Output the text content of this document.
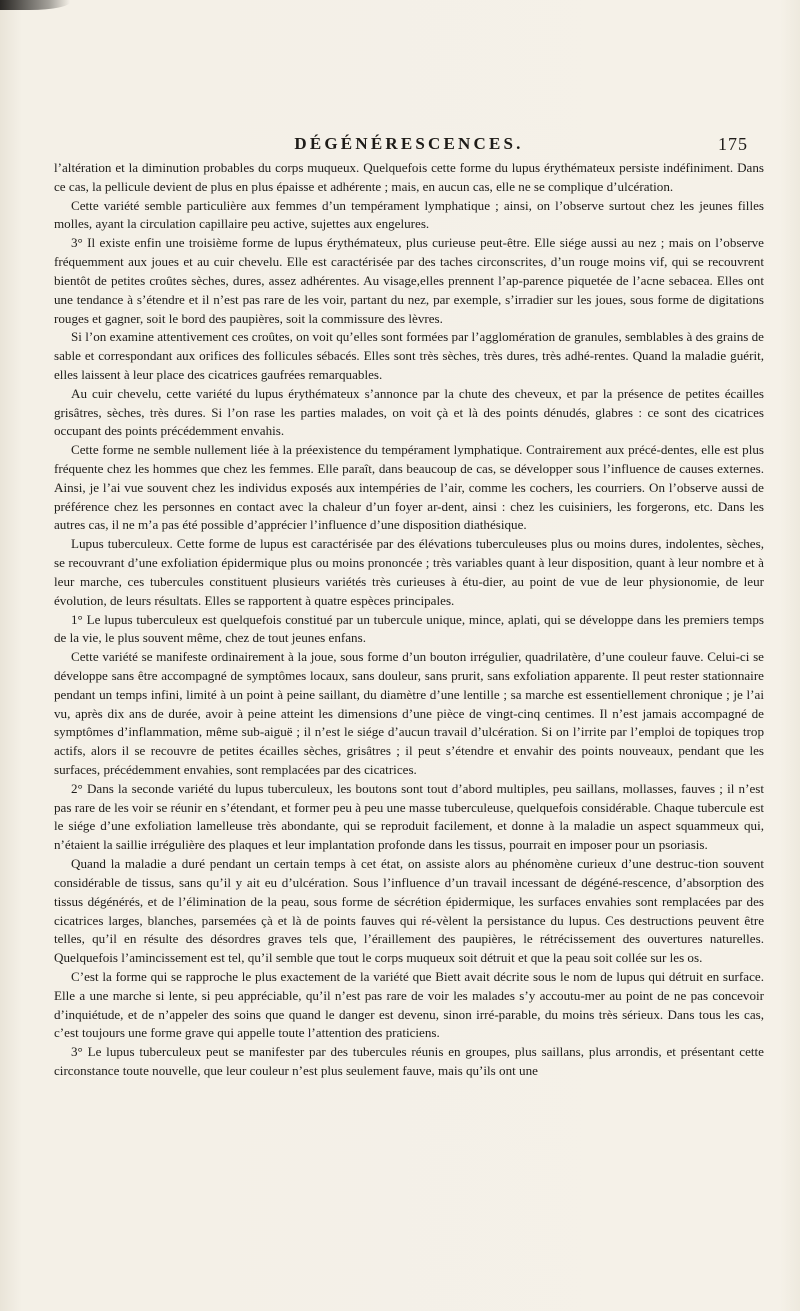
DÉGÉNÉRESCENCES.	175

l’altération et la diminution probables du corps muqueux. Quelquefois cette forme du lupus érythémateux persiste indéfiniment. Dans ce cas, la pellicule devient de plus en plus épaisse et adhérente ; mais, en aucun cas, elle ne se complique d’ulcération.

Cette variété semble particulière aux femmes d’un tempérament lymphatique ; ainsi, on l’observe surtout chez les jeunes filles molles, ayant la circulation capillaire peu active, sujettes aux engelures.

3° Il existe enfin une troisième forme de lupus érythémateux, plus curieuse peut-être. Elle siége aussi au nez ; mais on l’observe fréquemment aux joues et au cuir chevelu. Elle est caractérisée par des taches circonscrites, d’un rouge moins vif, qui se recouvrent bientôt de petites croûtes sèches, dures, assez adhérentes. Au visage,elles prennent l’ap-parence piquetée de l’acne sebacea. Elles ont une tendance à s’étendre et il n’est pas rare de les voir, partant du nez, par exemple, s’irradier sur les joues, sous forme de digitations rouges et gagner, soit le bord des paupières, soit la commissure des lèvres.

Si l’on examine attentivement ces croûtes, on voit qu’elles sont formées par l’agglomération de granules, semblables à des grains de sable et correspondant aux orifices des follicules sébacés. Elles sont très sèches, très dures, très adhé-rentes. Quand la maladie guérit, elles laissent à leur place des cicatrices gaufrées remarquables.

Au cuir chevelu, cette variété du lupus érythémateux s’annonce par la chute des cheveux, et par la présence de petites écailles grisâtres, sèches, très dures. Si l’on rase les parties malades, on voit çà et là des points dénudés, glabres : ce sont des cicatrices occupant des points précédemment envahis.

Cette forme ne semble nullement liée à la préexistence du tempérament lymphatique. Contrairement aux précé-dentes, elle est plus fréquente chez les hommes que chez les femmes. Elle paraît, dans beaucoup de cas, se développer sous l’influence de causes externes. Ainsi, je l’ai vue souvent chez les individus exposés aux intempéries de l’air, comme les cochers, les courriers. On l’observe aussi de préférence chez les personnes en contact avec la chaleur d’un foyer ar-dent, ainsi : chez les cuisiniers, les forgerons, etc. Dans les autres cas, il ne m’a pas été possible d’apprécier l’influence d’une disposition diathésique.

Lupus tuberculeux. Cette forme de lupus est caractérisée par des élévations tuberculeuses plus ou moins dures, indolentes, sèches, se recouvrant d’une exfoliation épidermique plus ou moins prononcée ; très variables quant à leur disposition, quant à leur nombre et à leur marche, ces tubercules constituent plusieurs variétés très curieuses à étu-dier, au point de vue de leur physionomie, de leur évolution, de leurs résultats. Elles se rapportent à quatre espèces principales.

1° Le lupus tuberculeux est quelquefois constitué par un tubercule unique, mince, aplati, qui se développe dans les premiers temps de la vie, le plus souvent même, chez de tout jeunes enfans.

Cette variété se manifeste ordinairement à la joue, sous forme d’un bouton irrégulier, quadrilatère, d’une couleur fauve. Celui-ci se développe sans être accompagné de symptômes locaux, sans douleur, sans prurit, sans exfoliation apparente. Il peut rester stationnaire pendant un temps infini, limité à un point à peine saillant, du diamètre d’une lentille ; sa marche est essentiellement chronique ; je l’ai vu, après dix ans de durée, avoir à peine atteint les dimensions d’une pièce de vingt-cinq centimes. Il n’est jamais accompagné de symptômes d’inflammation, même sub-aiguë ; il n’est le siége d’aucun travail d’ulcération. Si on l’irrite par l’emploi de topiques trop actifs, alors il se recouvre de petites écailles sèches, grisâtres ; il peut s’étendre et envahir des points nouveaux, pendant que les surfaces, précédemment envahies, sont remplacées par des cicatrices.

2° Dans la seconde variété du lupus tuberculeux, les boutons sont tout d’abord multiples, peu saillans, mollasses, fauves ; il n’est pas rare de les voir se réunir en s’étendant, et former peu à peu une masse tuberculeuse, quelquefois considérable. Chaque tubercule est le siége d’une exfoliation lamelleuse très abondante, qui se reproduit facilement, et donne à la maladie un aspect squammeux qui, n’étaient la saillie irrégulière des plaques et leur implantation profonde dans les tissus, pourrait en imposer pour un psoriasis.

Quand la maladie a duré pendant un certain temps à cet état, on assiste alors au phénomène curieux d’une destruc-tion souvent considérable de tissus, sans qu’il y ait eu d’ulcération. Sous l’influence d’un travail incessant de dégéné-rescence, d’absorption des tissus dégénérés, et de l’élimination de la peau, sous forme de sécrétion épidermique, les surfaces envahies sont remplacées par des cicatrices larges, blanches, parsemées çà et là de points fauves qui ré-vèlent la persistance du lupus. Ces destructions peuvent être telles, qu’il en résulte des désordres graves tels que, l’éraillement des paupières, le rétrécissement des ouvertures naturelles. Quelquefois l’amincissement est tel, qu’il semble que tout le corps muqueux soit détruit et que la peau soit collée sur les os.

C’est la forme qui se rapproche le plus exactement de la variété que Biett avait décrite sous le nom de lupus qui détruit en surface. Elle a une marche si lente, si peu appréciable, qu’il n’est pas rare de voir les malades s’y accoutu-mer au point de ne pas concevoir d’inquiétude, et de n’appeler des soins que quand le danger est devenu, sinon irré-parable, du moins très sérieux. Dans tous les cas, c’est toujours une forme grave qui appelle toute l’attention des praticiens.

3° Le lupus tuberculeux peut se manifester par des tubercules réunis en groupes, plus saillans, plus arrondis, et présentant cette circonstance toute nouvelle, que leur couleur n’est plus seulement fauve, mais qu’ils ont une
